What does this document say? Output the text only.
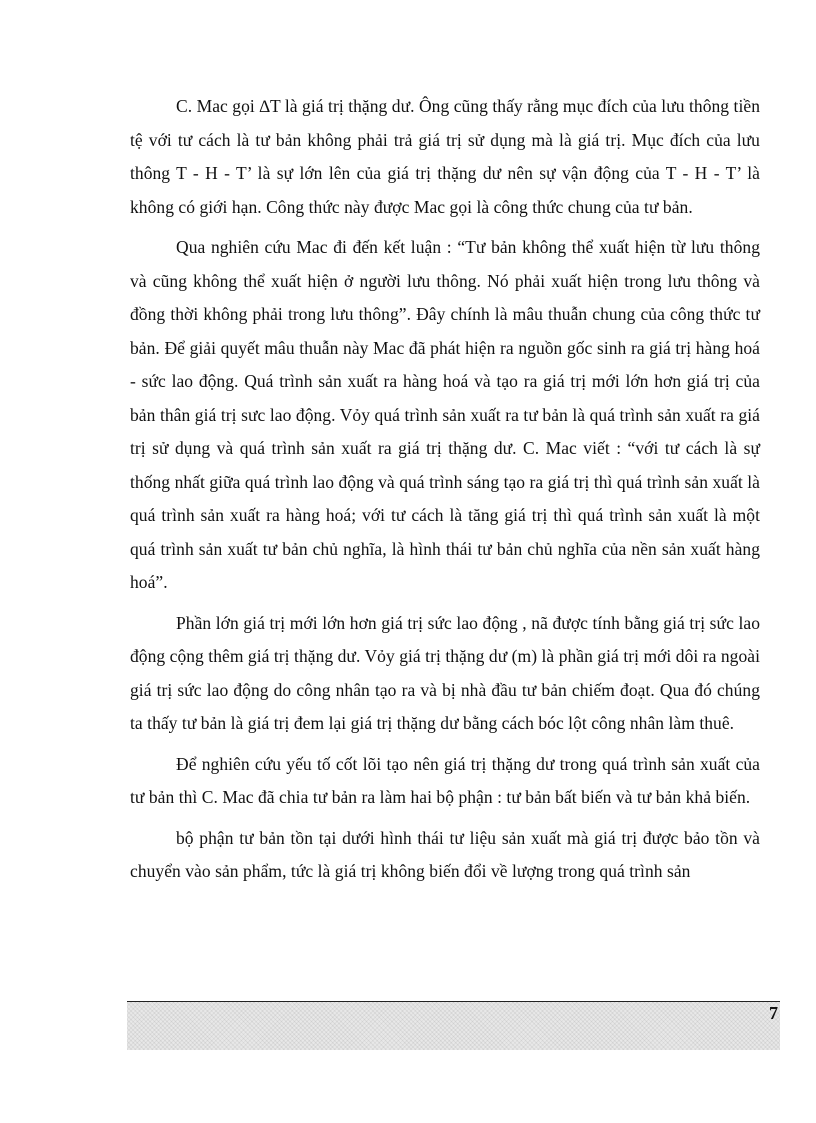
C. Mac gọi ∆T là giá trị thặng dư. Ông cũng thấy rằng mục đích của lưu thông tiền tệ với tư cách là tư bản không phải trả giá trị sử dụng mà là giá trị. Mục đích của lưu thông T - H - T’ là sự lớn lên của giá trị thặng dư nên sự vận động của T - H - T’ là không có giới hạn. Công thức này được Mac gọi là công thức chung của tư bản.

Qua nghiên cứu Mac đi đến kết luận : “Tư bản không thể xuất hiện từ lưu thông và cũng không thể xuất hiện ở người lưu thông. Nó phải xuất hiện trong lưu thông và đồng thời không phải trong lưu thông”. Đây chính là mâu thuẫn chung của công thức tư bản. Để giải quyết mâu thuẫn này Mac đã phát hiện ra nguồn gốc sinh ra giá trị hàng hoá - sức lao động. Quá trình sản xuất ra hàng hoá và tạo ra giá trị mới lớn hơn giá trị của bản thân giá trị sưc lao động. Vỏy quá trình sản xuất ra tư bản là quá trình sản xuất ra giá trị sử dụng và quá trình sản xuất ra giá trị thặng dư. C. Mac viết : “với tư cách là sự thống nhất giữa quá trình lao động và quá trình sáng tạo ra giá trị thì quá trình sản xuất là quá trình sản xuất ra hàng hoá; với tư cách là tăng giá trị thì quá trình sản xuất là một quá trình sản xuất tư bản chủ nghĩa, là hình thái tư bản chủ nghĩa của nền sản xuất hàng hoá”.

Phần lớn giá trị mới lớn hơn giá trị sức lao động , nã được tính bằng giá trị sức lao động cộng thêm giá trị thặng dư. Vỏy giá trị thặng dư (m) là phần giá trị mới dôi ra ngoài giá trị sức lao động do công nhân tạo ra và bị nhà đầu tư bản chiếm đoạt. Qua đó chúng ta thấy tư bản là giá trị đem lại giá trị thặng dư bằng cách bóc lột công nhân làm thuê.

Để nghiên cứu yếu tố cốt lõi tạo nên giá trị thặng dư trong quá trình sản xuất của tư bản thì C. Mac đã chia tư bản ra làm hai bộ phận : tư bản bất biến và tư bản khả biến.

bộ phận tư bản tồn tại dưới hình thái tư liệu sản xuất mà giá trị được bảo tồn và chuyển vào sản phẩm, tức là giá trị không biến đổi về lượng trong quá trình sản

7
